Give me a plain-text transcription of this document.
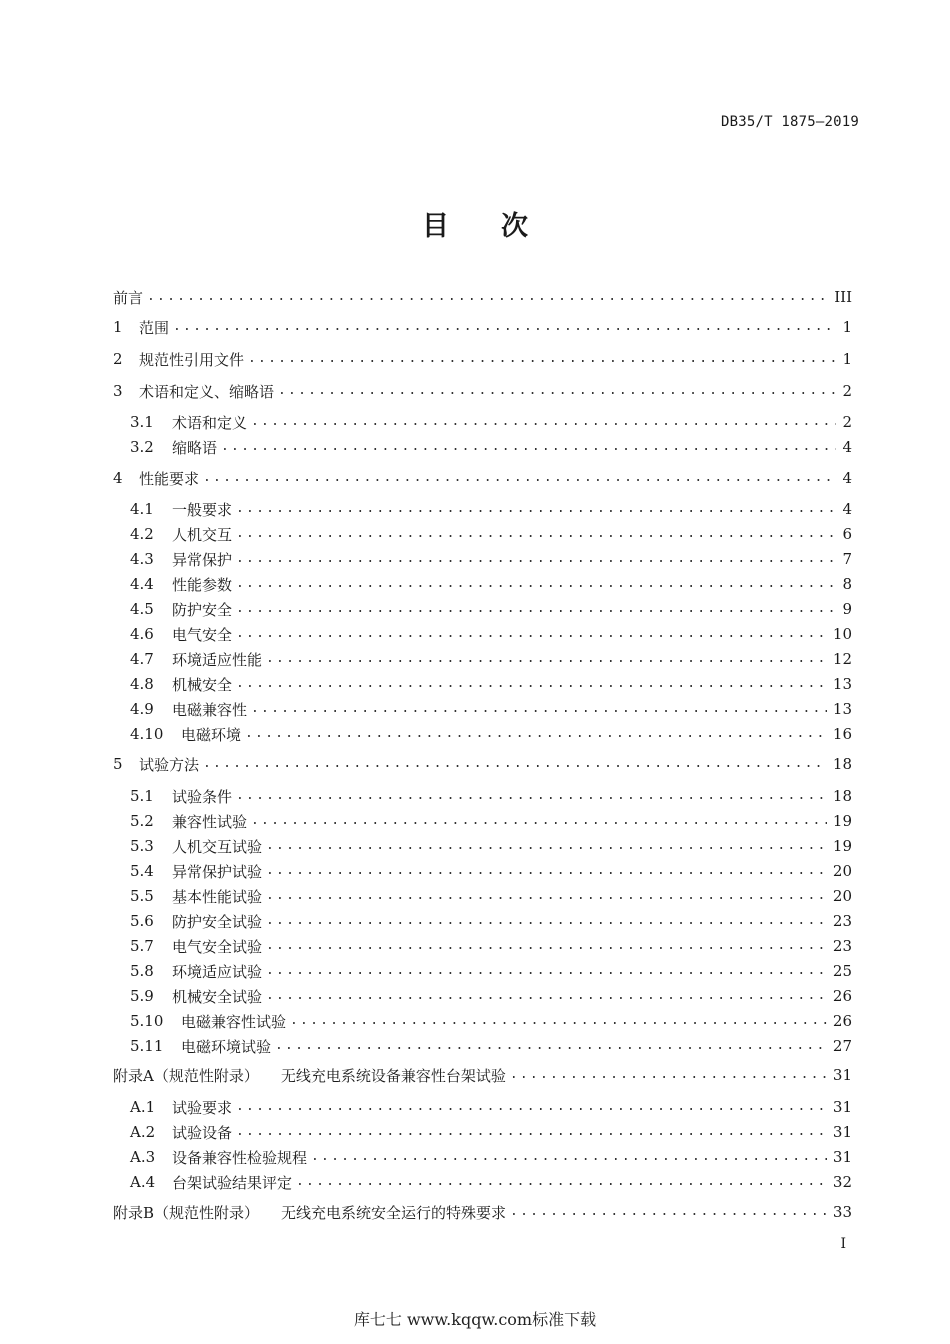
DB35/T 1875—2019
目 次
前言 .....	III
1	范围 .....	1
2	规范性引用文件 .....	1
3	术语和定义、缩略语 .....	2
3.1	术语和定义 .....	2
3.2	缩略语 .....	4
4	性能要求 .....	4
4.1	一般要求 .....	4
4.2	人机交互 .....	6
4.3	异常保护 .....	7
4.4	性能参数 .....	8
4.5	防护安全 .....	9
4.6	电气安全 .....	10
4.7	环境适应性能 .....	12
4.8	机械安全 .....	13
4.9	电磁兼容性 .....	13
4.10	电磁环境 .....	16
5	试验方法 .....	18
5.1	试验条件 .....	18
5.2	兼容性试验 .....	19
5.3	人机交互试验 .....	19
5.4	异常保护试验 .....	20
5.5	基本性能试验 .....	20
5.6	防护安全试验 .....	23
5.7	电气安全试验 .....	23
5.8	环境适应试验 .....	25
5.9	机械安全试验 .....	26
5.10	电磁兼容性试验 .....	26
5.11	电磁环境试验 .....	27
附录A（规范性附录） 无线充电系统设备兼容性台架试验 .....	31
A.1	试验要求 .....	31
A.2	试验设备 .....	31
A.3	设备兼容性检验规程 .....	31
A.4	台架试验结果评定 .....	32
附录B（规范性附录） 无线充电系统安全运行的特殊要求 .....	33
I
库七七 www.kqqw.com标准下载
